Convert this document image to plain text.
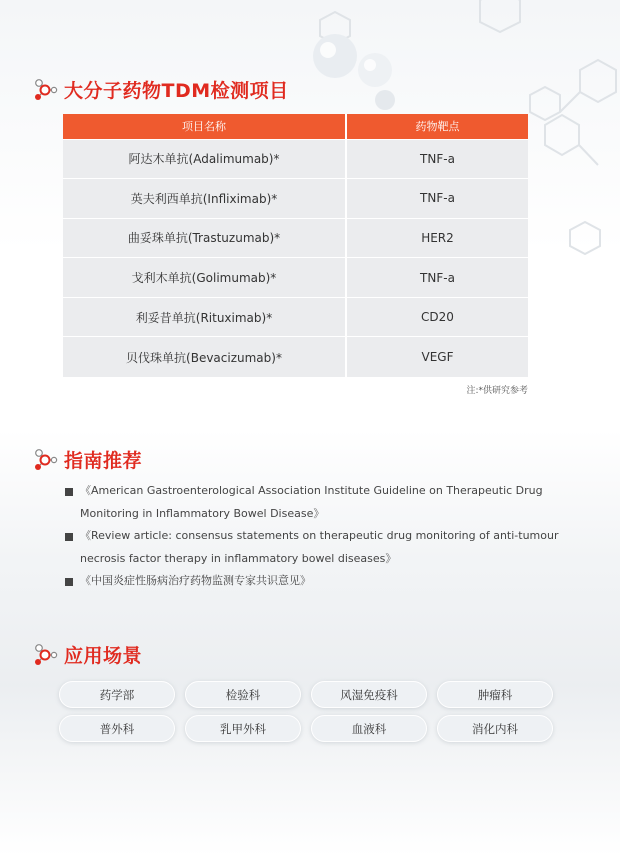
大分子药物TDM检测项目
项目名称	药物靶点
阿达木单抗(Adalimumab)*	TNF-a
英夫利西单抗(Infliximab)*	TNF-a
曲妥珠单抗(Trastuzumab)*	HER2
戈利木单抗(Golimumab)*	TNF-a
利妥昔单抗(Rituximab)*	CD20
贝伐珠单抗(Bevacizumab)*	VEGF
注:*供研究参考
指南推荐
《American Gastroenterological Association Institute Guideline on Therapeutic Drug Monitoring in Inflammatory Bowel Disease》
《Review article: consensus statements on therapeutic drug monitoring of anti-tumour necrosis factor therapy in inflammatory bowel diseases》
《中国炎症性肠病治疗药物监测专家共识意见》
应用场景
药学部	检验科	风湿免疫科	肿瘤科
普外科	乳甲外科	血液科	消化内科
